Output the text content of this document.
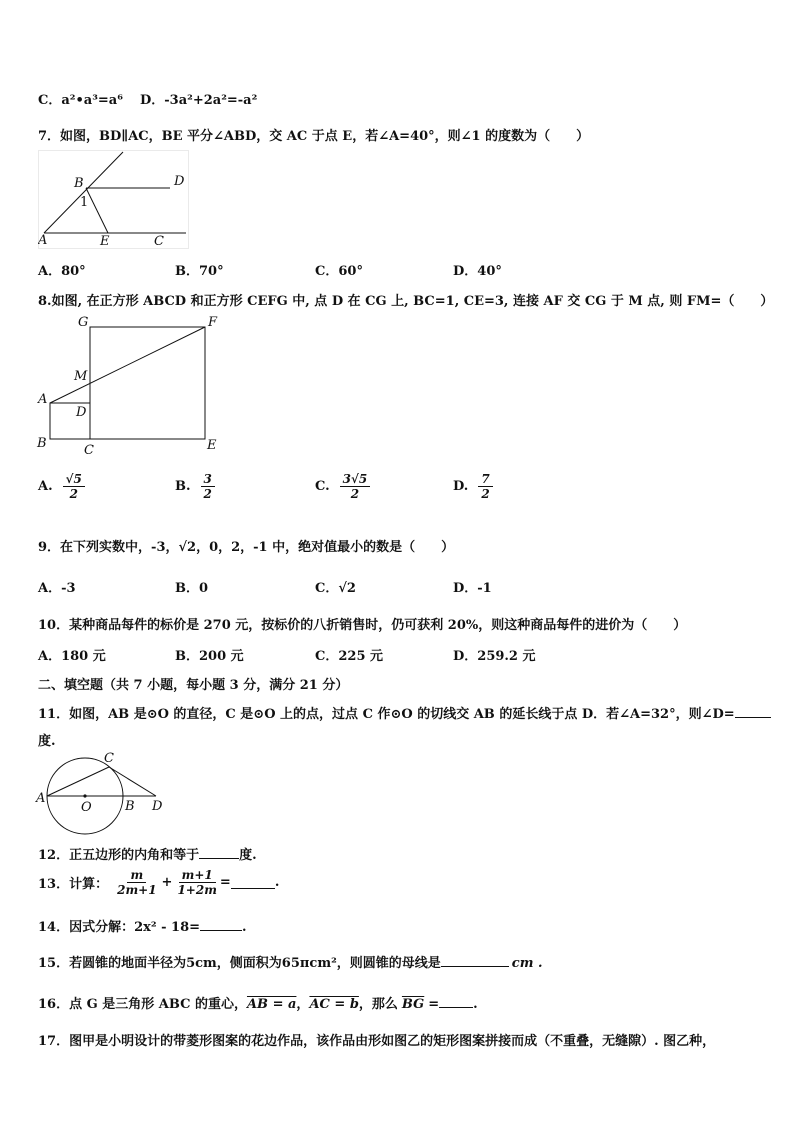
C．a²•a³=a⁶ D．-3a²+2a²=-a²
7．如图，BD∥AC，BE 平分∠ABD，交 AC 于点 E，若∠A=40°，则∠1 的度数为（　　）
B	D
1
A	E	C
A．80°	B．70°	C．60°	D．40°
8.如图, 在正方形 ABCD 和正方形 CEFG 中, 点 D 在 CG 上, BC=1, CE=3, 连接 AF 交 CG 于 M 点, 则 FM=（　　）
G	F
M
A
D
B	C	E
A. $\frac{√5}{2}$	B. $\frac{3}{2}$	C. $\frac{3√5}{2}$	D. $\frac{7}{2}$
9．在下列实数中，-3，√2，0，2，-1 中，绝对值最小的数是（　　）
A．-3	B．0	C．√2	D．-1
10．某种商品每件的标价是 270 元，按标价的八折销售时，仍可获利 20%，则这种商品每件的进价为（　　）
A．180 元	B．200 元	C．225 元	D．259.2 元
二、填空题（共 7 小题，每小题 3 分，满分 21 分）
11．如图，AB 是⊙O 的直径，C 是⊙O 上的点，过点 C 作⊙O 的切线交 AB 的延长线于点 D．若∠A=32°，则∠D=
度.
C
A
O	B D
12．正五边形的内角和等于	度.
13．计算： $\frac{m}{2m+1} + \frac{m+1}{1+2m}$ =	.
14．因式分解：2x² - 18=	.
15．若圆锥的地面半径为5cm，侧面积为65πcm²，则圆锥的母线是	cm .
16．点 G 是三角形 ABC 的重心，AB = a，AC = b，那么 $\overline{BG}$ =	.
17．图甲是小明设计的带菱形图案的花边作品，该作品由形如图乙的矩形图案拼接而成（不重叠，无缝隙）. 图乙种，
